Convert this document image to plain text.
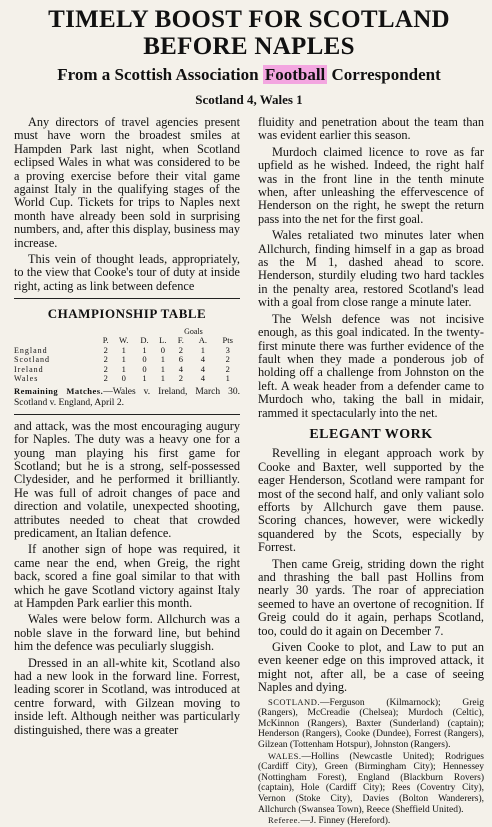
TIMELY BOOST FOR SCOTLAND
BEFORE NAPLES
From a Scottish Association Football Correspondent
Scotland 4, Wales 1

Any directors of travel agencies present must have worn the broadest smiles at Hampden Park last night, when Scotland eclipsed Wales in what was considered to be a proving exercise before their vital game against Italy in the qualifying stages of the World Cup. Tickets for trips to Naples next month have already been sold in surprising numbers, and, after this display, business may increase.

This vein of thought leads, appropriately, to the view that Cooke's tour of duty at inside right, acting as link between defence

CHAMPIONSHIP TABLE
					Goals		
	P.	W.	D.	L.	F.	A.	Pts
England	2	1	1	0	2	1	3
Scotland	2	1	0	1	6	4	2
Ireland	2	1	0	1	4	4	2
Wales	2	0	1	1	2	4	1
Remaining Matches.—Wales v. Ireland, March 30. Scotland v. England, April 2.

and attack, was the most encouraging augury for Naples. The duty was a heavy one for a young man playing his first game for Scotland; but he is a strong, self-possessed Clydesider, and he performed it brilliantly. He was full of adroit changes of pace and direction and volatile, unexpected shooting, attributes needed to cheat that crowded predicament, an Italian defence.

If another sign of hope was required, it came near the end, when Greig, the right back, scored a fine goal similar to that with which he gave Scotland victory against Italy at Hampden Park earlier this month.

Wales were below form. Allchurch was a noble slave in the forward line, but behind him the defence was peculiarly sluggish.

Dressed in an all-white kit, Scotland also had a new look in the forward line. Forrest, leading scorer in Scotland, was introduced at centre forward, with Gilzean moving to inside left. Although neither was particularly distinguished, there was a greater

fluidity and penetration about the team than was evident earlier this season.

Murdoch claimed licence to rove as far upfield as he wished. Indeed, the right half was in the front line in the tenth minute when, after unleashing the effervescence of Henderson on the right, he swept the return pass into the net for the first goal.

Wales retaliated two minutes later when Allchurch, finding himself in a gap as broad as the M 1, dashed ahead to score. Henderson, sturdily eluding two hard tackles in the penalty area, restored Scotland's lead with a goal from close range a minute later.

The Welsh defence was not incisive enough, as this goal indicated. In the twenty-first minute there was further evidence of the fault when they made a ponderous job of holding off a challenge from Johnston on the left. A weak header from a defender came to Murdoch who, taking the ball in midair, rammed it spectacularly into the net.

ELEGANT WORK

Revelling in elegant approach work by Cooke and Baxter, well supported by the eager Henderson, Scotland were rampant for most of the second half, and only valiant solo efforts by Allchurch gave them pause. Scoring chances, however, were wickedly squandered by the Scots, especially by Forrest.

Then came Greig, striding down the right and thrashing the ball past Hollins from nearly 30 yards. The roar of appreciation seemed to have an overtone of recognition. If Greig could do it again, perhaps Scotland, too, could do it again on December 7.

Given Cooke to plot, and Law to put an even keener edge on this improved attack, it might not, after all, be a case of seeing Naples and dying.

SCOTLAND.—Ferguson (Kilmarnock); Greig (Rangers), McCreadie (Chelsea); Murdoch (Celtic), McKinnon (Rangers), Baxter (Sunderland) (captain); Henderson (Rangers), Cooke (Dundee), Forrest (Rangers), Gilzean (Tottenham Hotspur), Johnston (Rangers).

WALES.—Hollins (Newcastle United); Rodrigues (Cardiff City), Green (Birmingham City); Hennessey (Nottingham Forest), England (Blackburn Rovers) (captain), Hole (Cardiff City); Rees (Coventry City), Vernon (Stoke City), Davies (Bolton Wanderers), Allchurch (Swansea Town), Reece (Sheffield United).

Referee.—J. Finney (Hereford).
